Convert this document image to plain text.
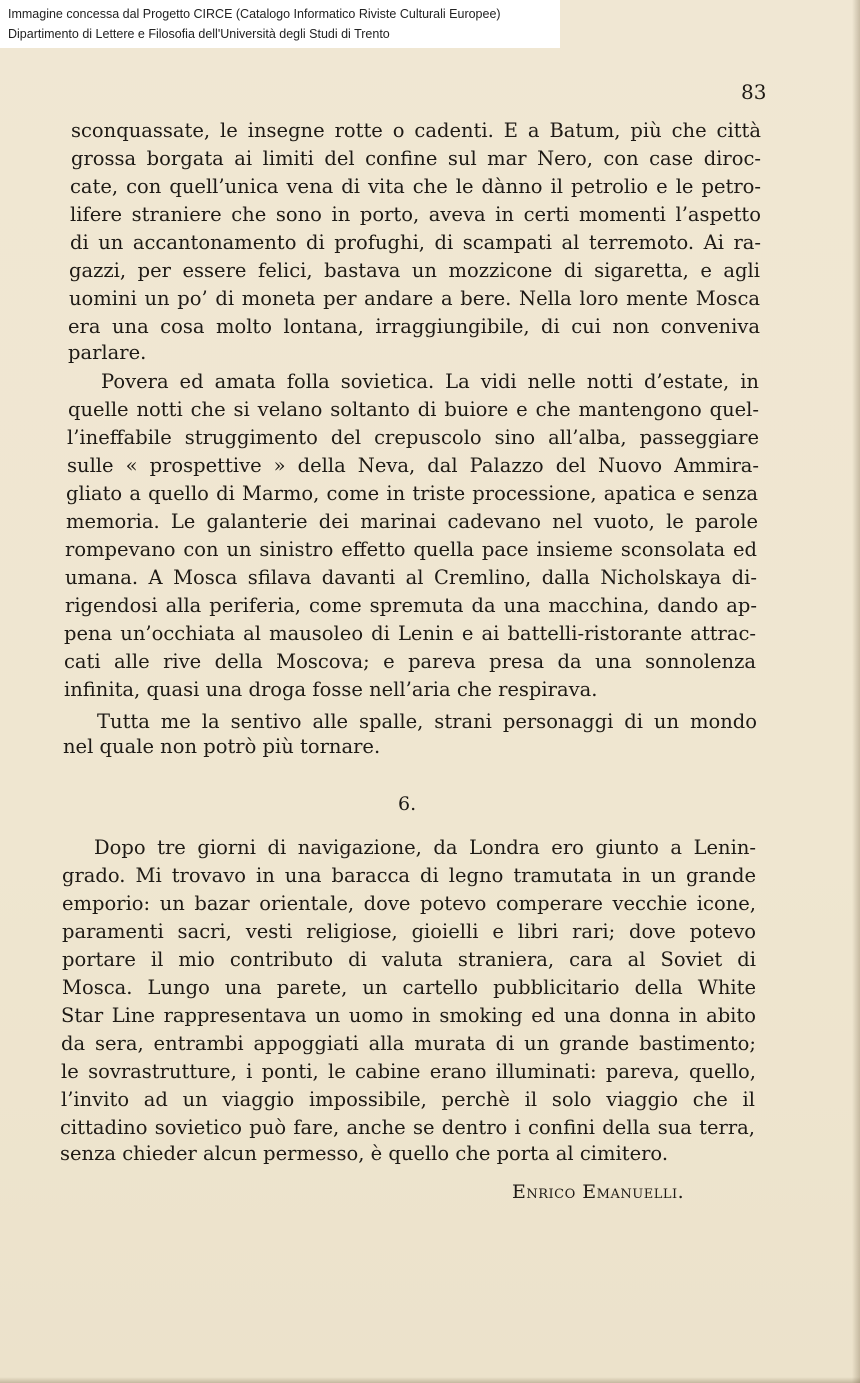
Immagine concessa dal Progetto CIRCE (Catalogo Informatico Riviste Culturali Europee)
Dipartimento di Lettere e Filosofia dell'Università degli Studi di Trento
83
sconquassate, le insegne rotte o cadenti. E a Batum, più che città
grossa borgata ai limiti del confine sul mar Nero, con case diroc-
cate, con quell’unica vena di vita che le dànno il petrolio e le petro-
lifere straniere che sono in porto, aveva in certi momenti l’aspetto
di un accantonamento di profughi, di scampati al terremoto. Ai ra-
gazzi, per essere felici, bastava un mozzicone di sigaretta, e agli
uomini un po’ di moneta per andare a bere. Nella loro mente Mosca
era una cosa molto lontana, irraggiungibile, di cui non conveniva
parlare.
Povera ed amata folla sovietica. La vidi nelle notti d’estate, in
quelle notti che si velano soltanto di buiore e che mantengono quel-
l’ineffabile struggimento del crepuscolo sino all’alba, passeggiare
sulle « prospettive » della Neva, dal Palazzo del Nuovo Ammira-
gliato a quello di Marmo, come in triste processione, apatica e senza
memoria. Le galanterie dei marinai cadevano nel vuoto, le parole
rompevano con un sinistro effetto quella pace insieme sconsolata ed
umana. A Mosca sfilava davanti al Cremlino, dalla Nicholskaya di-
rigendosi alla periferia, come spremuta da una macchina, dando ap-
pena un’occhiata al mausoleo di Lenin e ai battelli-ristorante attrac-
cati alle rive della Moscova; e pareva presa da una sonnolenza
infinita, quasi una droga fosse nell’aria che respirava.
Tutta me la sentivo alle spalle, strani personaggi di un mondo
nel quale non potrò più tornare.
6.
Dopo tre giorni di navigazione, da Londra ero giunto a Lenin-
grado. Mi trovavo in una baracca di legno tramutata in un grande
emporio: un bazar orientale, dove potevo comperare vecchie icone,
paramenti sacri, vesti religiose, gioielli e libri rari; dove potevo
portare il mio contributo di valuta straniera, cara al Soviet di
Mosca. Lungo una parete, un cartello pubblicitario della White
Star Line rappresentava un uomo in smoking ed una donna in abito
da sera, entrambi appoggiati alla murata di un grande bastimento;
le sovrastrutture, i ponti, le cabine erano illuminati: pareva, quello,
l’invito ad un viaggio impossibile, perchè il solo viaggio che il
cittadino sovietico può fare, anche se dentro i confini della sua terra,
senza chieder alcun permesso, è quello che porta al cimitero.
Enrico Emanuelli.
